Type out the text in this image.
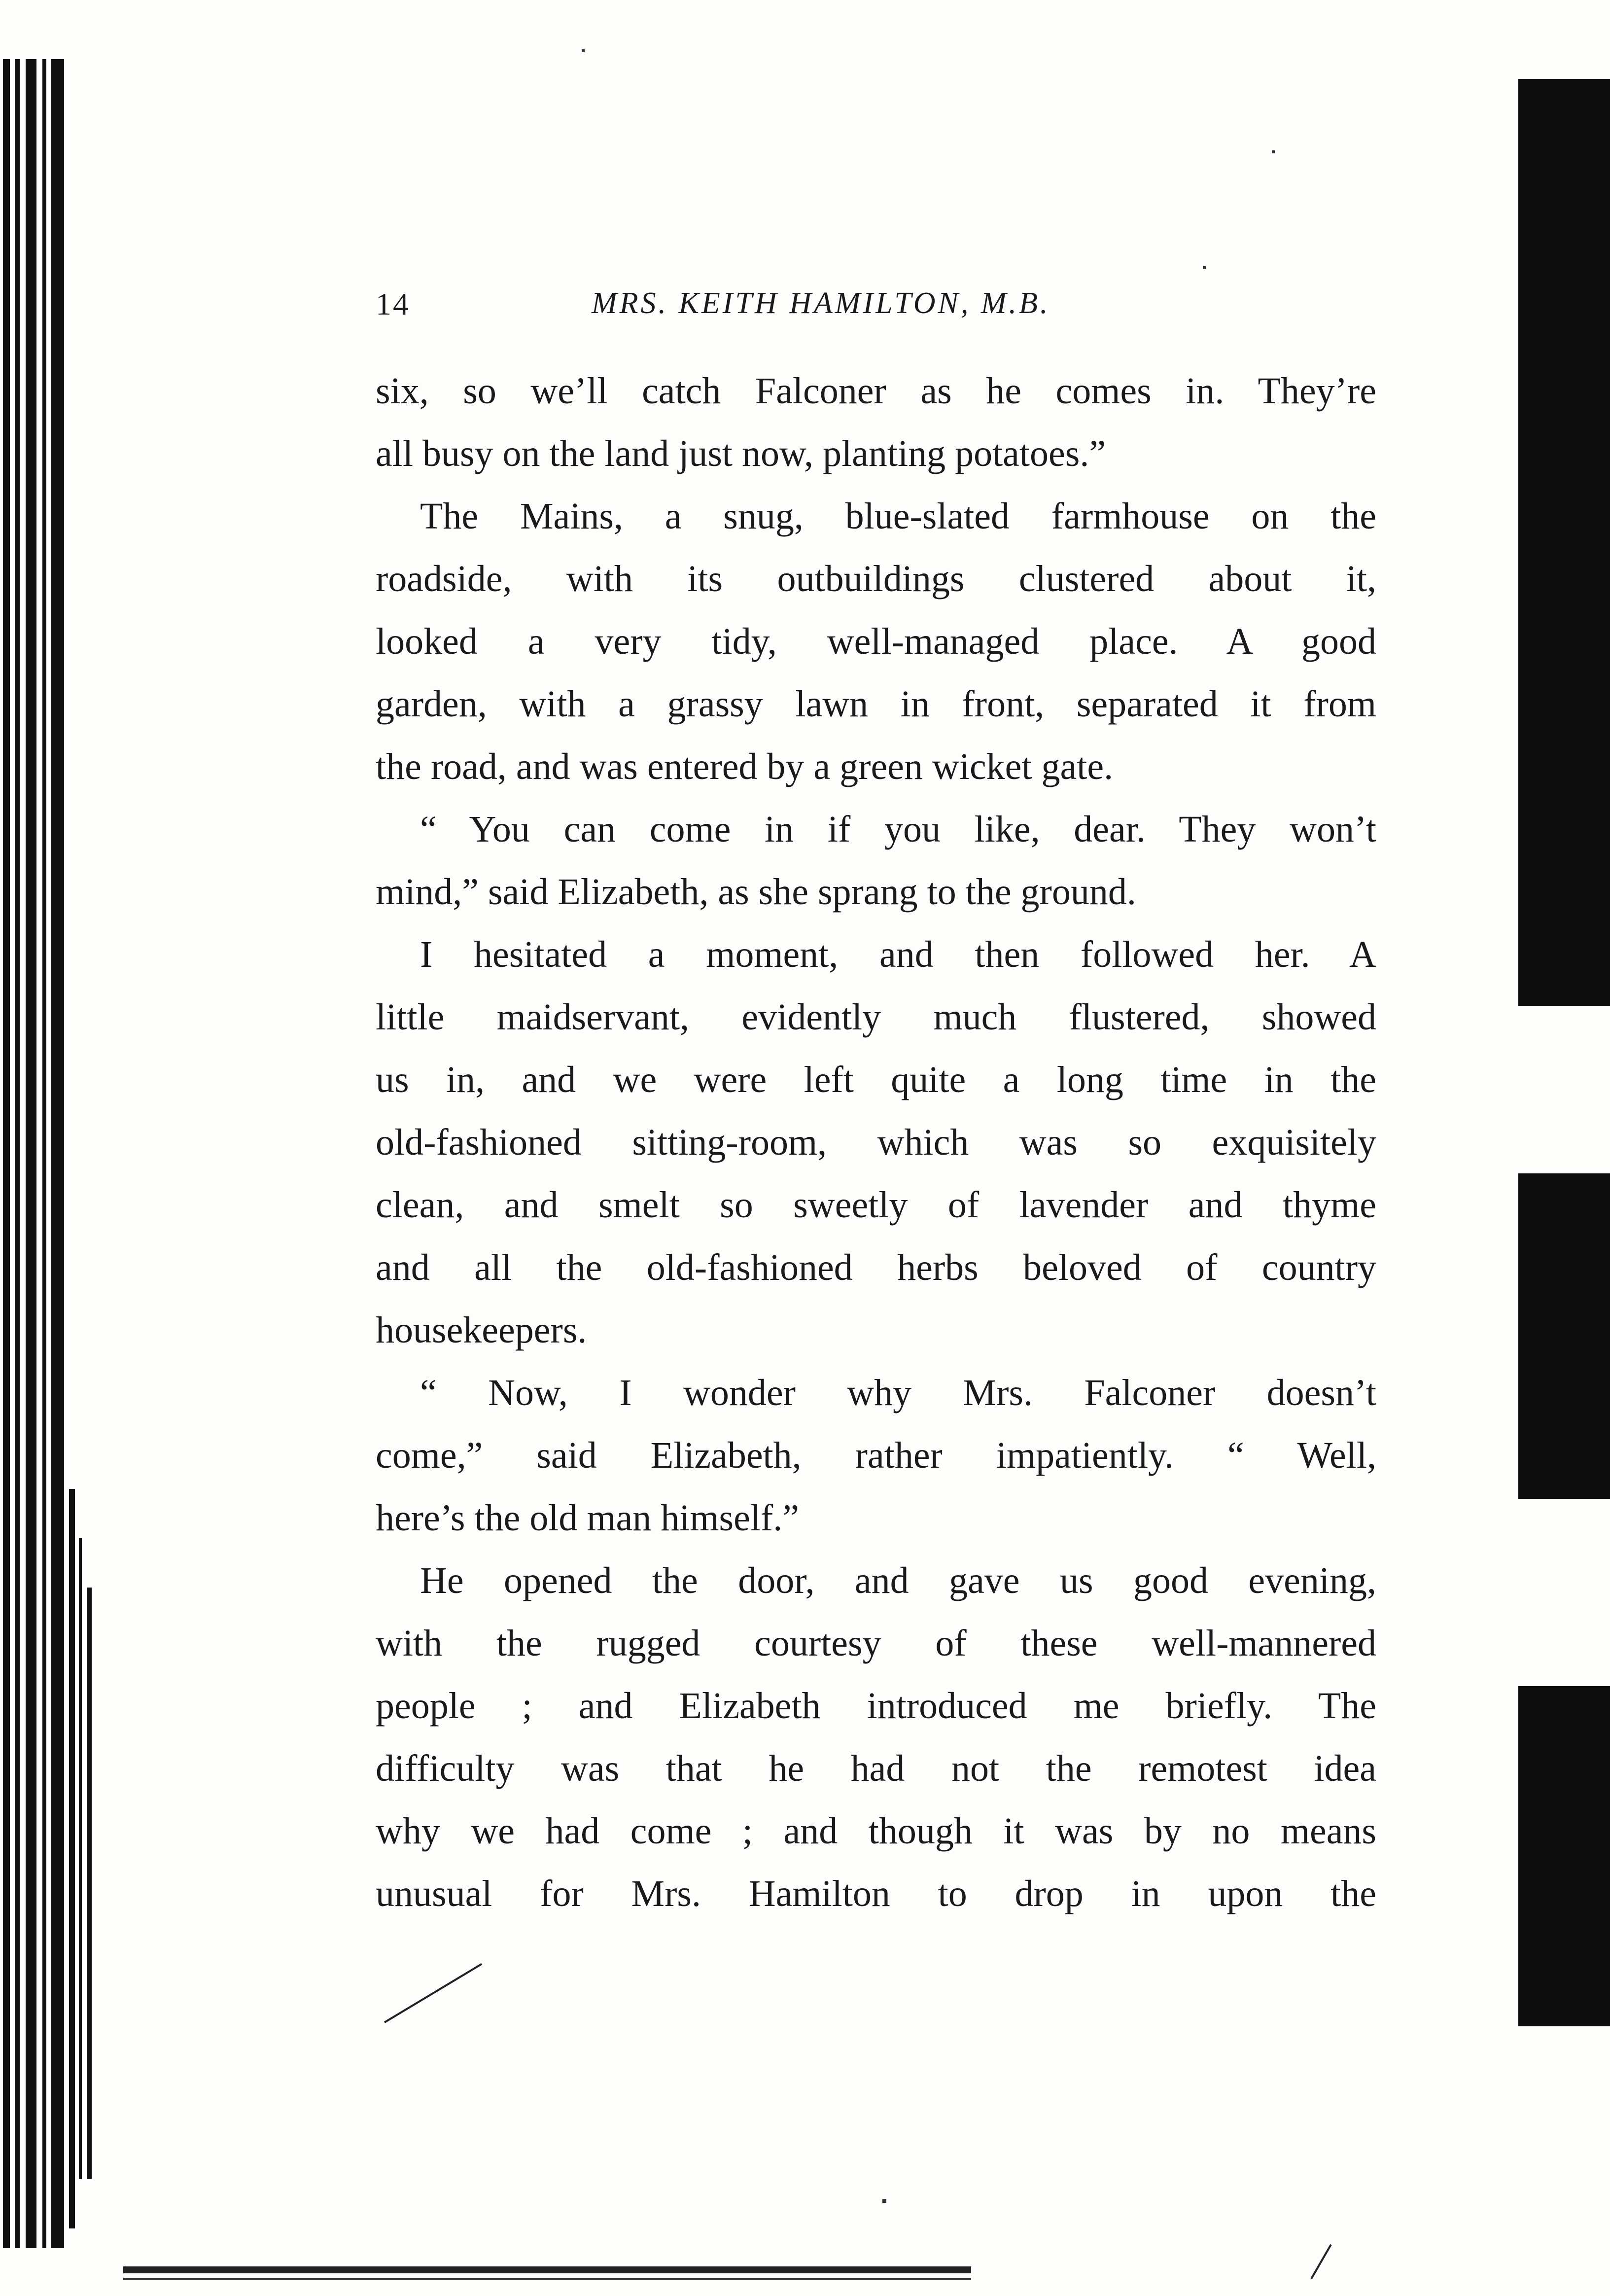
14	MRS. KEITH HAMILTON, M.B.
six, so we’ll catch Falconer as he comes in. They’re
all busy on the land just now, planting potatoes.”
The Mains, a snug, blue-slated farmhouse on the
roadside, with its outbuildings clustered about it,
looked a very tidy, well-managed place. A good
garden, with a grassy lawn in front, separated it from
the road, and was entered by a green wicket gate.
“ You can come in if you like, dear. They won’t
mind,” said Elizabeth, as she sprang to the ground.
I hesitated a moment, and then followed her. A
little maidservant, evidently much flustered, showed
us in, and we were left quite a long time in the
old-fashioned sitting-room, which was so exquisitely
clean, and smelt so sweetly of lavender and thyme
and all the old-fashioned herbs beloved of country
housekeepers.
“ Now, I wonder why Mrs. Falconer doesn’t
come,” said Elizabeth, rather impatiently. “ Well,
here’s the old man himself.”
He opened the door, and gave us good evening,
with the rugged courtesy of these well-mannered
people ; and Elizabeth introduced me briefly. The
difficulty was that he had not the remotest idea
why we had come ; and though it was by no means
unusual for Mrs. Hamilton to drop in upon the
